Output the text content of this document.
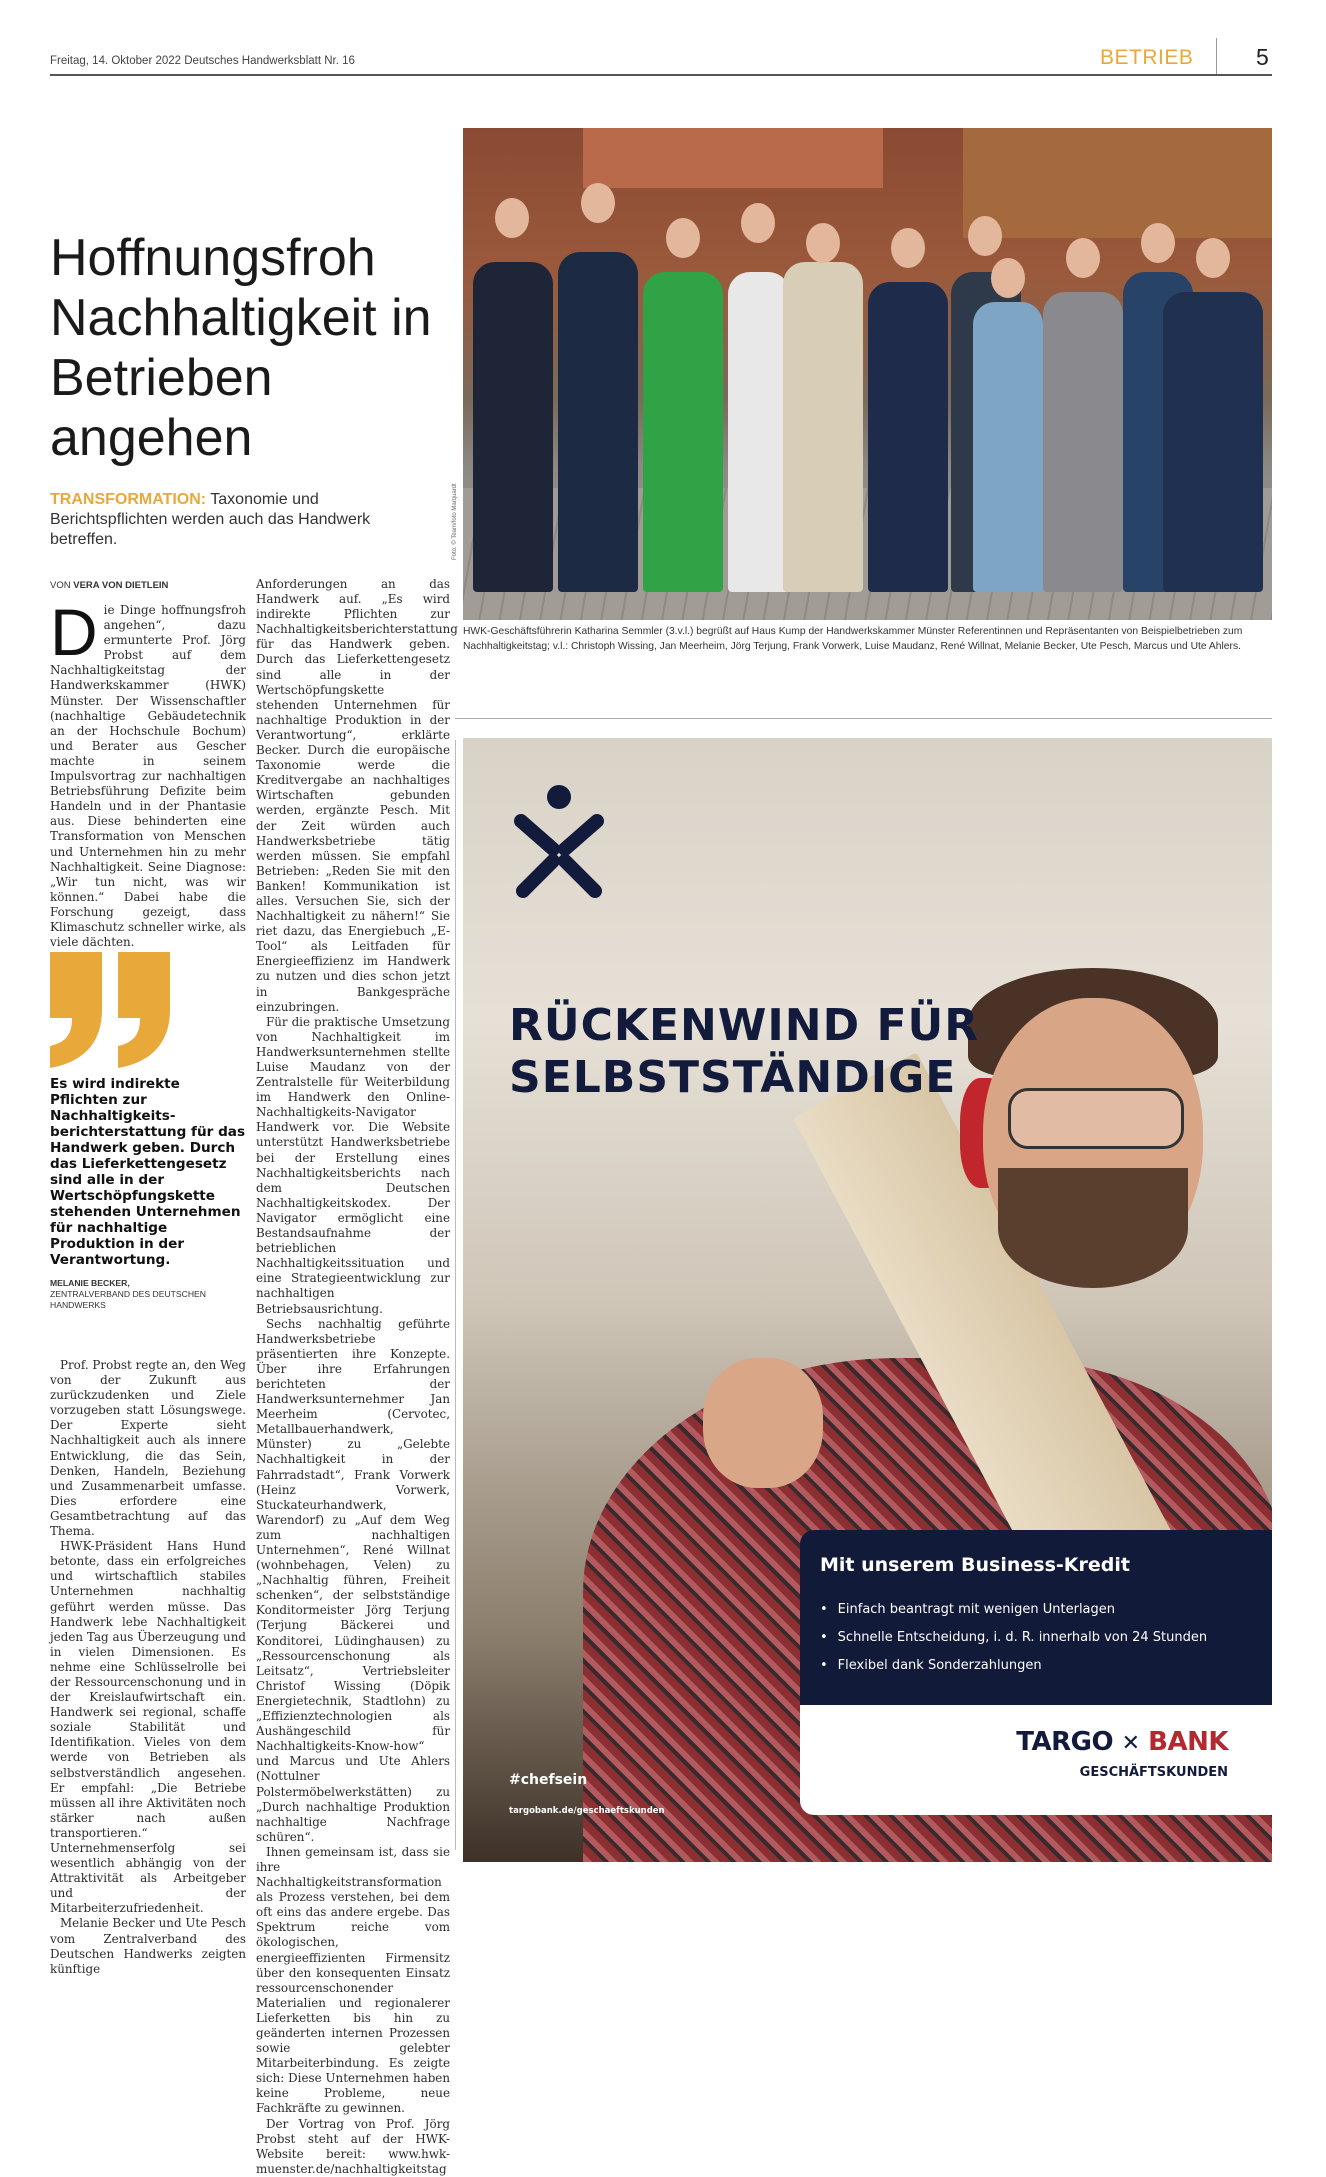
Freitag, 14. Oktober 2022 Deutsches Handwerksblatt Nr. 16	BETRIEB	5
Hoffnungsfroh Nachhaltigkeit in Betrieben angehen
TRANSFORMATION: Taxonomie und Berichtspflichten werden auch das Handwerk betreffen.
VON VERA VON DIETLEIN
D ie Dinge hoffnungsfroh angehen“, dazu ermunterte Prof. Jörg Probst auf dem Nachhaltigkeitstag der Handwerkskammer (HWK) Münster. Der Wissenschaftler (nachhaltige Gebäudetechnik an der Hochschule Bochum) und Berater aus Gescher machte in seinem Impulsvortrag zur nachhaltigen Betriebsführung Defizite beim Handeln und in der Phantasie aus. Diese behinderten eine Transformation von Menschen und Unternehmen hin zu mehr Nachhaltigkeit. Seine Diagnose: „Wir tun nicht, was wir können.“ Dabei habe die Forschung gezeigt, dass Klimaschutz schneller wirke, als viele dächten.

Es wird indirekte Pflichten zur Nachhaltigkeitsberichterstattung für das Handwerk geben. Durch das Lieferkettengesetz sind alle in der Wertschöpfungskette stehenden Unternehmen für nachhaltige Produktion in der Verantwortung.
MELANIE BECKER,
ZENTRALVERBAND DES DEUTSCHEN HANDWERKS

Prof. Probst regte an, den Weg von der Zukunft aus zurückzudenken und Ziele vorzugeben statt Lösungswege. Der Experte sieht Nachhaltigkeit auch als innere Entwicklung, die das Sein, Denken, Handeln, Beziehung und Zusammenarbeit umfasse. Dies erfordere eine Gesamtbetrachtung auf das Thema.

HWK-Präsident Hans Hund betonte, dass ein erfolgreiches und wirtschaftlich stabiles Unternehmen nachhaltig geführt werden müsse. Das Handwerk lebe Nachhaltigkeit jeden Tag aus Überzeugung und in vielen Dimensionen. Es nehme eine Schlüsselrolle bei der Ressourcenschonung und in der Kreislaufwirtschaft ein. Handwerk sei regional, schaffe soziale Stabilität und Identifikation. Vieles von dem werde von Betrieben als selbstverständlich angesehen. Er empfahl: „Die Betriebe müssen all ihre Aktivitäten noch stärker nach außen transportieren.“ Unternehmenserfolg sei wesentlich abhängig von der Attraktivität als Arbeitgeber und der Mitarbeiterzufriedenheit.

Melanie Becker und Ute Pesch vom Zentralverband des Deutschen Handwerks zeigten künftige

Anforderungen an das Handwerk auf. „Es wird indirekte Pflichten zur Nachhaltigkeitsberichterstattung für das Handwerk geben. Durch das Lieferkettengesetz sind alle in der Wertschöpfungskette stehenden Unternehmen für nachhaltige Produktion in der Verantwortung“, erklärte Becker. Durch die europäische Taxonomie werde die Kreditvergabe an nachhaltiges Wirtschaften gebunden werden, ergänzte Pesch. Mit der Zeit würden auch Handwerksbetriebe tätig werden müssen. Sie empfahl Betrieben: „Reden Sie mit den Banken! Kommunikation ist alles. Versuchen Sie, sich der Nachhaltigkeit zu nähern!“ Sie riet dazu, das Energiebuch „E-Tool“ als Leitfaden für Energieeffizienz im Handwerk zu nutzen und dies schon jetzt in Bankgespräche einzubringen.

Für die praktische Umsetzung von Nachhaltigkeit im Handwerksunternehmen stellte Luise Maudanz von der Zentralstelle für Weiterbildung im Handwerk den Online-Nachhaltigkeits-Navigator Handwerk vor. Die Website unterstützt Handwerksbetriebe bei der Erstellung eines Nachhaltigkeitsberichts nach dem Deutschen Nachhaltigkeitskodex. Der Navigator ermöglicht eine Bestandsaufnahme der betrieblichen Nachhaltigkeitssituation und eine Strategieentwicklung zur nachhaltigen Betriebsausrichtung.

Sechs nachhaltig geführte Handwerksbetriebe präsentierten ihre Konzepte. Über ihre Erfahrungen berichteten der Handwerksunternehmer Jan Meerheim (Cervotec, Metallbauerhandwerk, Münster) zu „Gelebte Nachhaltigkeit in der Fahrradstadt“, Frank Vorwerk (Heinz Vorwerk, Stuckateurhandwerk, Warendorf) zu „Auf dem Weg zum nachhaltigen Unternehmen“, René Willnat (wohnbehagen, Velen) zu „Nachhaltig führen, Freiheit schenken“, der selbstständige Konditormeister Jörg Terjung (Terjung Bäckerei und Konditorei, Lüdinghausen) zu „Ressourcenschonung als Leitsatz“, Vertriebsleiter Christof Wissing (Döpik Energietechnik, Stadtlohn) zu „Effizienztechnologien als Aushängeschild für Nachhaltigkeits-Know-how“ und Marcus und Ute Ahlers (Nottulner Polstermöbelwerkstätten) zu „Durch nachhaltige Produktion nachhaltige Nachfrage schüren“.

Ihnen gemeinsam ist, dass sie ihre Nachhaltigkeitstransformation als Prozess verstehen, bei dem oft eins das andere ergebe. Das Spektrum reiche vom ökologischen, energieeffizienten Firmensitz über den konsequenten Einsatz ressourcenschonender Materialien und regionalerer Lieferketten bis hin zu geänderten internen Prozessen sowie gelebter Mitarbeiterbindung. Es zeigte sich: Diese Unternehmen haben keine Probleme, neue Fachkräfte zu gewinnen.

Der Vortrag von Prof. Jörg Probst steht auf der HWK-Website bereit: www.hwk-muenster.de/nachhaltigkeitstag

Foto: © Team/foto Marquardt
HWK-Geschäftsführerin Katharina Semmler (3.v.l.) begrüßt auf Haus Kump der Handwerkskammer Münster Referentinnen und Repräsentanten von Beispielbetrieben zum Nachhaltigkeitstag; v.l.: Christoph Wissing, Jan Meerheim, Jörg Terjung, Frank Vorwerk, Luise Maudanz, René Willnat, Melanie Becker, Ute Pesch, Marcus und Ute Ahlers.
RÜCKENWIND FÜR
SELBSTSTÄNDIGE
Mit unserem Business-Kredit
• Einfach beantragt mit wenigen Unterlagen
• Schnelle Entscheidung, i. d. R. innerhalb von 24 Stunden
• Flexibel dank Sonderzahlungen
TARGO ✕ BANK
GESCHÄFTSKUNDEN
#chefsein
targobank.de/geschaeftskunden
